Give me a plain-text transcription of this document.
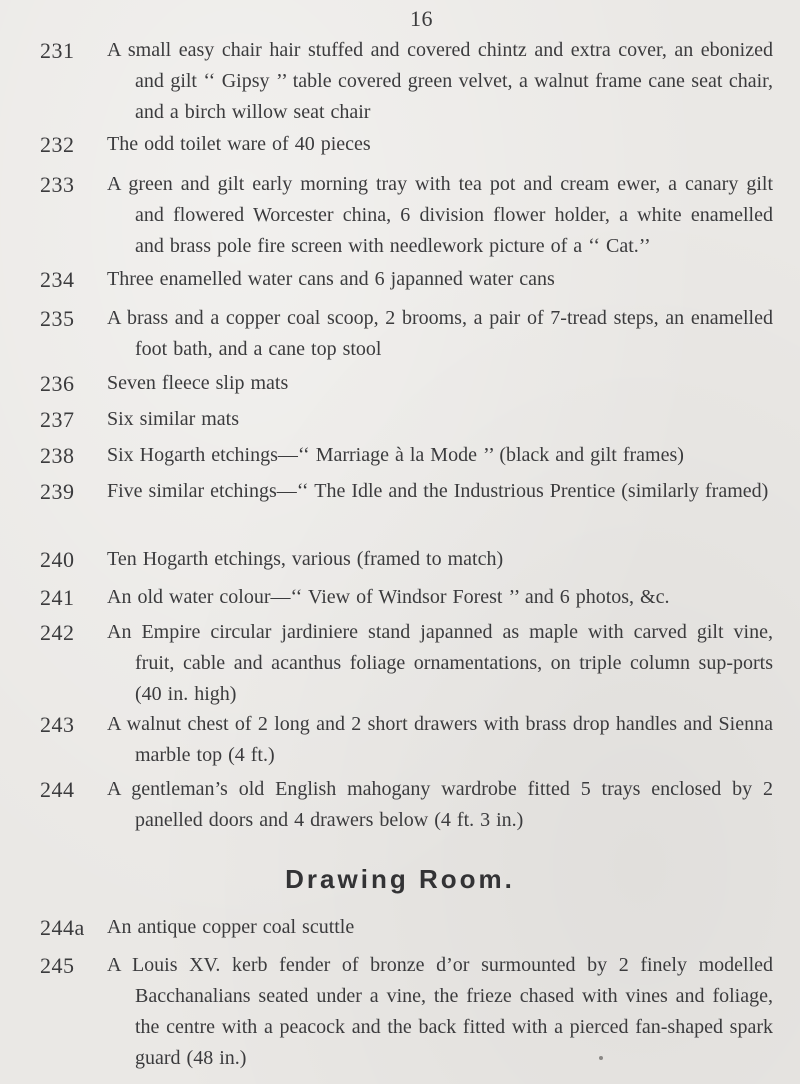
16
231	A small easy chair hair stuffed and covered chintz and extra cover, an ebonized and gilt ‘‘ Gipsy ’’ table covered green velvet, a walnut frame cane seat chair, and a birch willow seat chair
232	The odd toilet ware of 40 pieces
233	A green and gilt early morning tray with tea pot and cream ewer, a canary gilt and flowered Worcester china, 6 division flower holder, a white enamelled and brass pole fire screen with needlework picture of a ‘‘ Cat.’’
234	Three enamelled water cans and 6 japanned water cans
235	A brass and a copper coal scoop, 2 brooms, a pair of 7-tread steps, an enamelled foot bath, and a cane top stool
236	Seven fleece slip mats
237	Six similar mats
238	Six Hogarth etchings—‘‘ Marriage à la Mode ’’ (black and gilt frames)
239	Five similar etchings—‘‘ The Idle and the Industrious Prentice (similarly framed)
240	Ten Hogarth etchings, various (framed to match)
241	An old water colour—‘‘ View of Windsor Forest ’’ and 6 photos, &c.
242	An Empire circular jardiniere stand japanned as maple with carved gilt vine, fruit, cable and acanthus foliage ornamentations, on triple column sup-ports (40 in. high)
243	A walnut chest of 2 long and 2 short drawers with brass drop handles and Sienna marble top (4 ft.)
244	A gentleman’s old English mahogany wardrobe fitted 5 trays enclosed by 2 panelled doors and 4 drawers below (4 ft. 3 in.)
Drawing Room.
244a	An antique copper coal scuttle
245	A Louis XV. kerb fender of bronze d’or surmounted by 2 finely modelled Bacchanalians seated under a vine, the frieze chased with vines and foliage, the centre with a peacock and the back fitted with a pierced fan-shaped spark guard (48 in.)
